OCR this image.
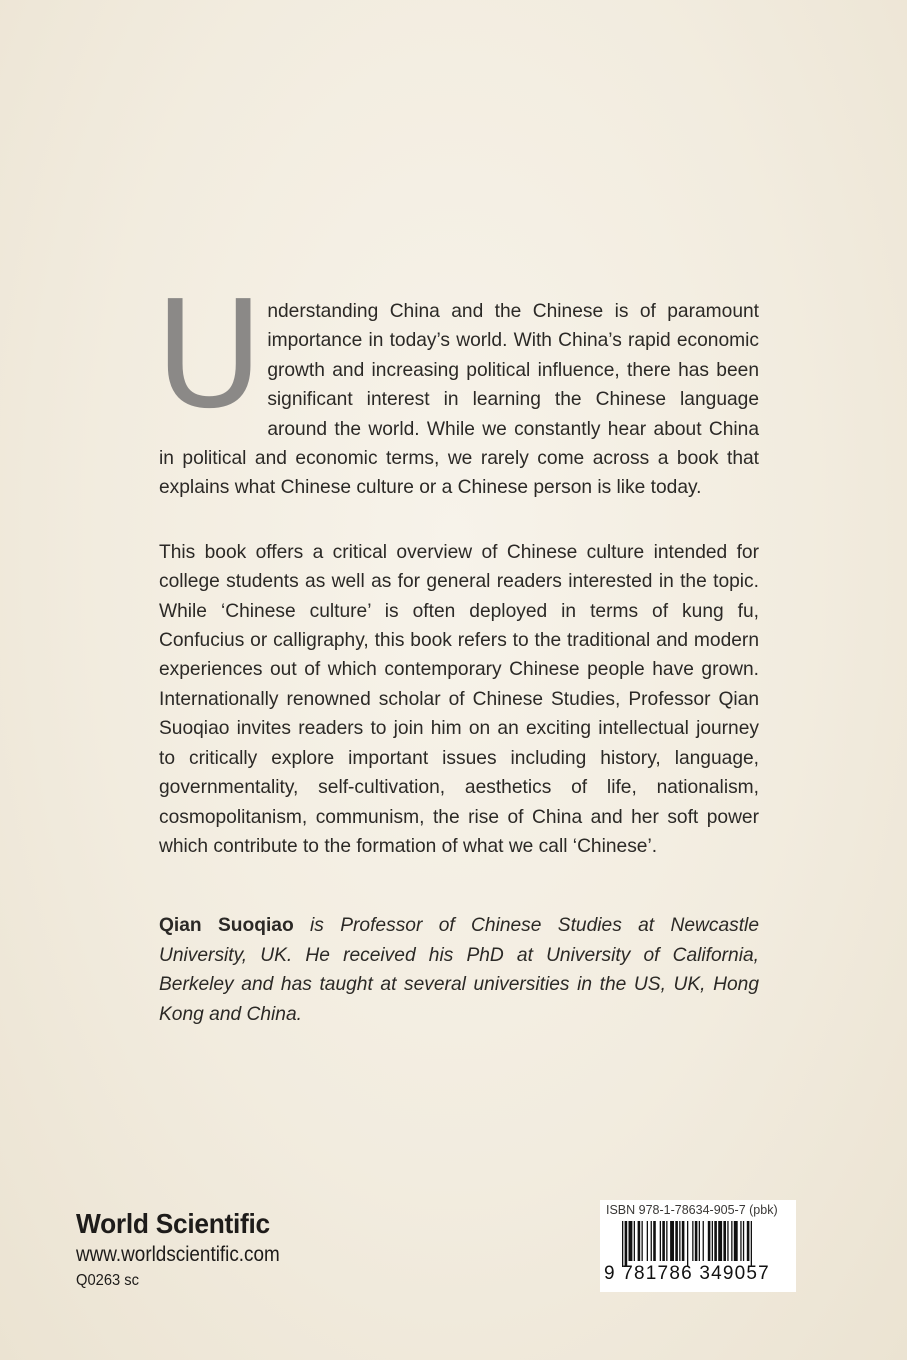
Understanding China and the Chinese is of paramount importance in today’s world. With China’s rapid economic growth and increasing political influence, there has been significant interest in learning the Chinese language around the world. While we constantly hear about China in political and economic terms, we rarely come across a book that explains what Chinese culture or a Chinese person is like today.

This book offers a critical overview of Chinese culture intended for college students as well as for general readers interested in the topic. While ‘Chinese culture’ is often deployed in terms of kung fu, Confucius or calligraphy, this book refers to the traditional and modern experiences out of which contemporary Chinese people have grown. Internationally renowned scholar of Chinese Studies, Professor Qian Suoqiao invites readers to join him on an exciting intellectual journey to critically explore important issues including history, language, governmentality, self-cultivation, aesthetics of life, nationalism, cosmopolitanism, communism, the rise of China and her soft power which contribute to the formation of what we call ‘Chinese’.

Qian Suoqiao is Professor of Chinese Studies at Newcastle University, UK. He received his PhD at University of California, Berkeley and has taught at several universities in the US, UK, Hong Kong and China.

World Scientific
www.worldscientific.com
Q0263 sc
ISBN 978-1-78634-905-7 (pbk)
9 781786 349057
